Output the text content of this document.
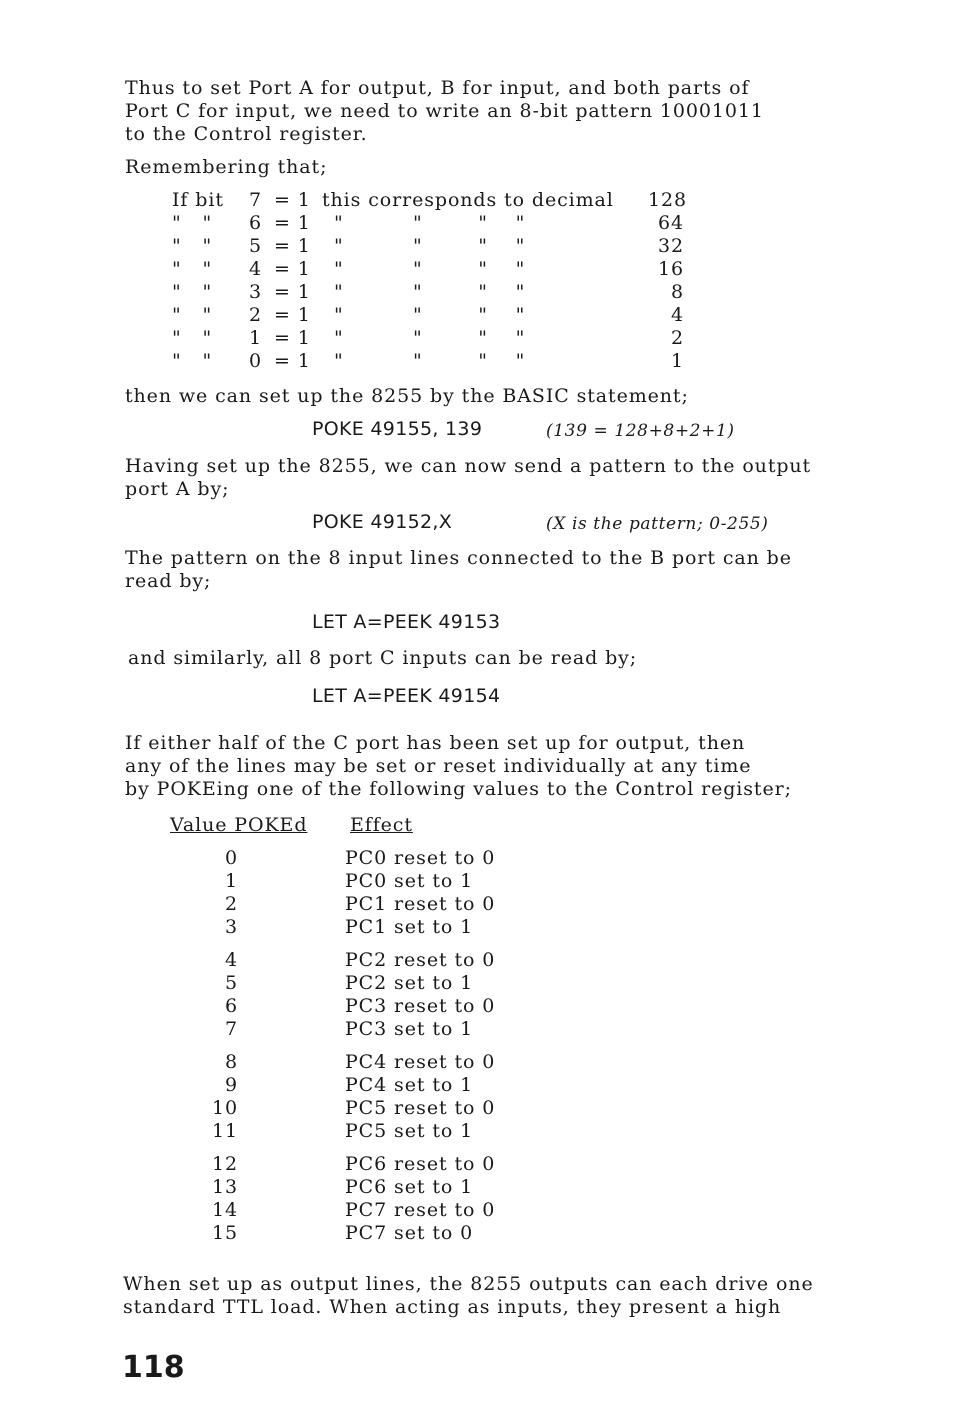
Thus to set Port A for output, B for input, and both parts of
Port C for input, we need to write an 8-bit pattern 10001011
to the Control register.

Remembering that;

If bit 7 = 1 this corresponds to decimal 128
"   " 6 = 1 "          "        "    "	64
"   " 5 = 1 "          "        "    "	32
"   " 4 = 1 "          "        "    "	16
"   " 3 = 1 "          "        "    "	8
"   " 2 = 1 "          "        "    "	4
"   " 1 = 1 "          "        "    "	2
"   " 0 = 1 "          "        "    "	1

then we can set up the 8255 by the BASIC statement;

POKE 49155, 139	(139 = 128+8+2+1)

Having set up the 8255, we can now send a pattern to the output
port A by;

POKE 49152,X	(X is the pattern; 0-255)

The pattern on the 8 input lines connected to the B port can be
read by;

LET A=PEEK 49153

and similarly, all 8 port C inputs can be read by;

LET A=PEEK 49154

If either half of the C port has been set up for output, then
any of the lines may be set or reset individually at any time
by POKEing one of the following values to the Control register;

Value POKEd	Effect
0	PC0 reset to 0
1	PC0 set to 1
2	PC1 reset to 0
3	PC1 set to 1
4	PC2 reset to 0
5	PC2 set to 1
6	PC3 reset to 0
7	PC3 set to 1
8	PC4 reset to 0
9	PC4 set to 1
10	PC5 reset to 0
11	PC5 set to 1
12	PC6 reset to 0
13	PC6 set to 1
14	PC7 reset to 0
15	PC7 set to 0

When set up as output lines, the 8255 outputs can each drive one
standard TTL load. When acting as inputs, they present a high

118
